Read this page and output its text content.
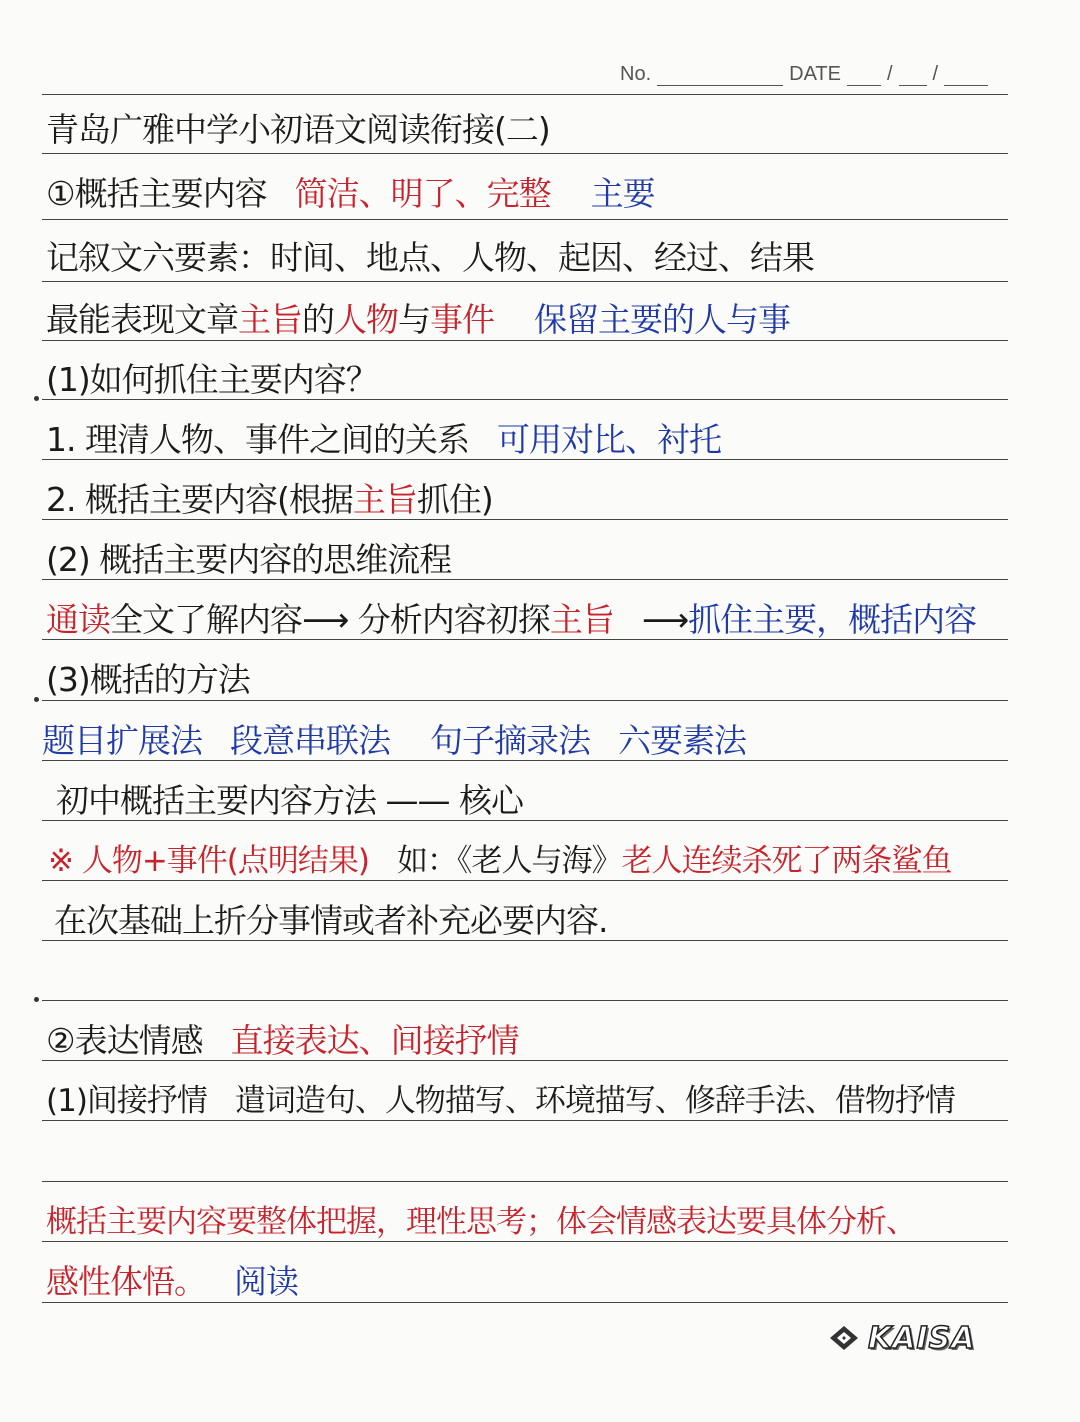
No.	DATE / /
青岛广雅中学小初语文阅读衔接(二)
①概括主要内容 简洁、明了、完整 主要
记叙文六要素：时间、地点、人物、起因、经过、结果
最能表现文章 主旨 的 人物 与 事件 保留主要的人与事
(1)如何抓住主要内容？
1. 理清人物、事件之间的关系 可用对比、衬托
2. 概括主要内容(根据 主旨 抓住)
(2) 概括主要内容的思维流程
通读 全文了解内容 ⟶ 分析内容初探 主旨 ⟶ 抓住主要，概括内容
(3)概括的方法
题目扩展法 段意串联法 句子摘录法 六要素法
初中概括主要内容方法 —— 核心
※ 人物+事件(点明结果) 如：《老人与海》 老人连续杀死了两条鲨鱼
在次基础上折分事情或者补充必要内容.
②表达情感 直接表达、间接抒情
(1)间接抒情 遣词造句、人物描写、环境描写、修辞手法、借物抒情
概括主要内容要整体把握，理性思考；体会情感表达要具体分析、
感性体悟。 阅读
KAISA
